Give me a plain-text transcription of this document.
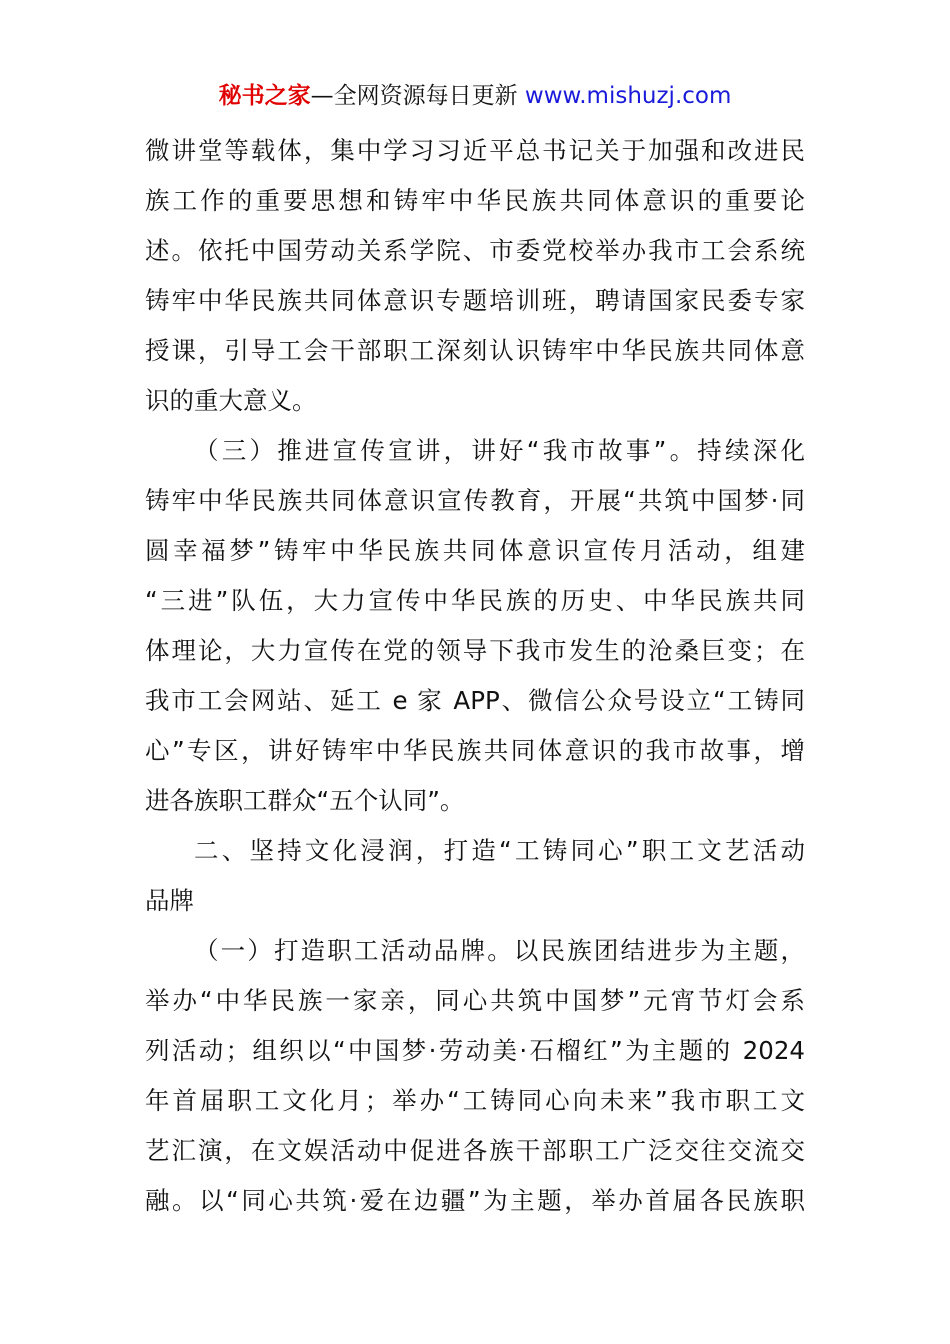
秘书之家—全网资源每日更新 www.mishuzj.com
微讲堂等载体，集中学习习近平总书记关于加强和改进民
族工作的重要思想和铸牢中华民族共同体意识的重要论
述。依托中国劳动关系学院、市委党校举办我市工会系统
铸牢中华民族共同体意识专题培训班，聘请国家民委专家
授课，引导工会干部职工深刻认识铸牢中华民族共同体意
识的重大意义。
（三）推进宣传宣讲，讲好“我市故事”。持续深化
铸牢中华民族共同体意识宣传教育，开展“共筑中国梦·同
圆幸福梦”铸牢中华民族共同体意识宣传月活动，组建
“三进”队伍，大力宣传中华民族的历史、中华民族共同
体理论，大力宣传在党的领导下我市发生的沧桑巨变；在
我市工会网站、延工 e 家 APP、微信公众号设立“工铸同
心”专区，讲好铸牢中华民族共同体意识的我市故事，增
进各族职工群众“五个认同”。
二、坚持文化浸润，打造“工铸同心”职工文艺活动
品牌
（一）打造职工活动品牌。以民族团结进步为主题，
举办“中华民族一家亲，同心共筑中国梦”元宵节灯会系
列活动；组织以“中国梦·劳动美·石榴红”为主题的 2024
年首届职工文化月；举办“工铸同心向未来”我市职工文
艺汇演，在文娱活动中促进各族干部职工广泛交往交流交
融。以“同心共筑·爱在边疆”为主题，举办首届各民族职
